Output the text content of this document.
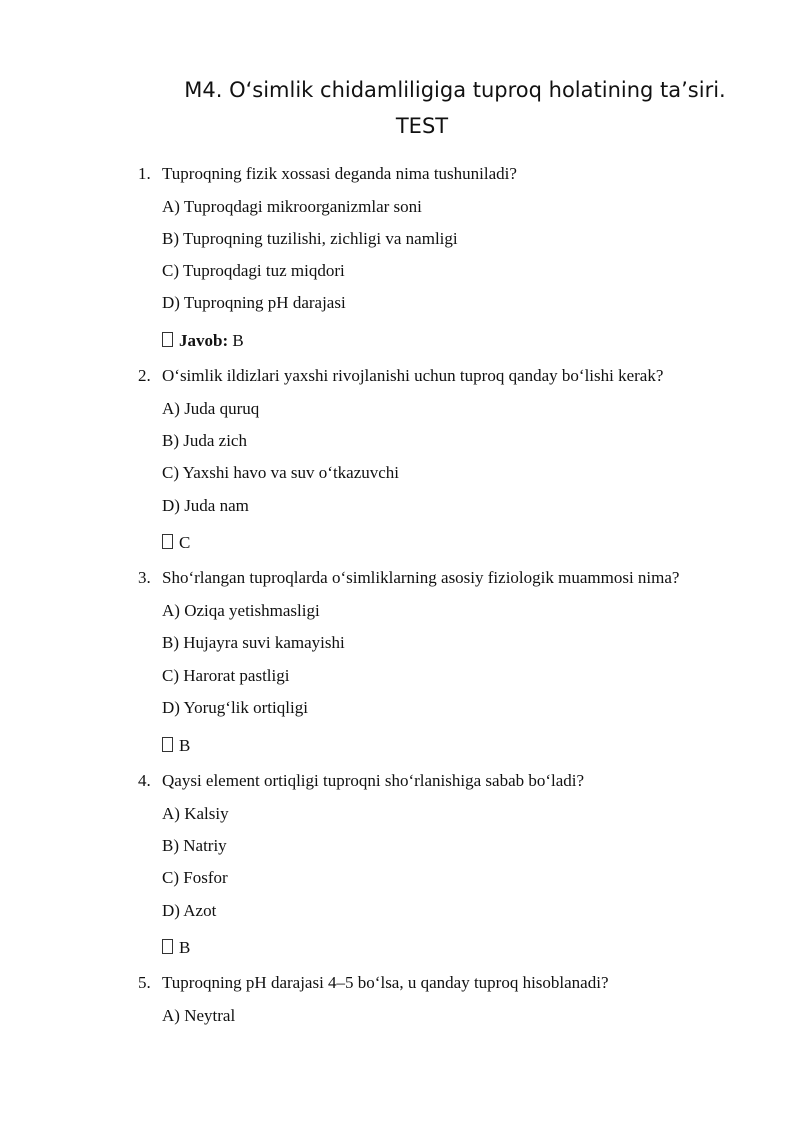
M4. O‘simlik chidamliligiga tuproq holatining ta’siri.
TEST
1. Tuproqning fizik xossasi deganda nima tushuniladi?
A) Tuproqdagi mikroorganizmlar soni
B) Tuproqning tuzilishi, zichligi va namligi
C) Tuproqdagi tuz miqdori
D) Tuproqning pH darajasi
Javob: B
2. O‘simlik ildizlari yaxshi rivojlanishi uchun tuproq qanday bo‘lishi kerak?
A) Juda quruq
B) Juda zich
C) Yaxshi havo va suv o‘tkazuvchi
D) Juda nam
C
3. Sho‘rlangan tuproqlarda o‘simliklarning asosiy fiziologik muammosi nima?
A) Oziqa yetishmasligi
B) Hujayra suvi kamayishi
C) Harorat pastligi
D) Yorug‘lik ortiqligi
B
4. Qaysi element ortiqligi tuproqni sho‘rlanishiga sabab bo‘ladi?
A) Kalsiy
B) Natriy
C) Fosfor
D) Azot
B
5. Tuproqning pH darajasi 4–5 bo‘lsa, u qanday tuproq hisoblanadi?
A) Neytral
